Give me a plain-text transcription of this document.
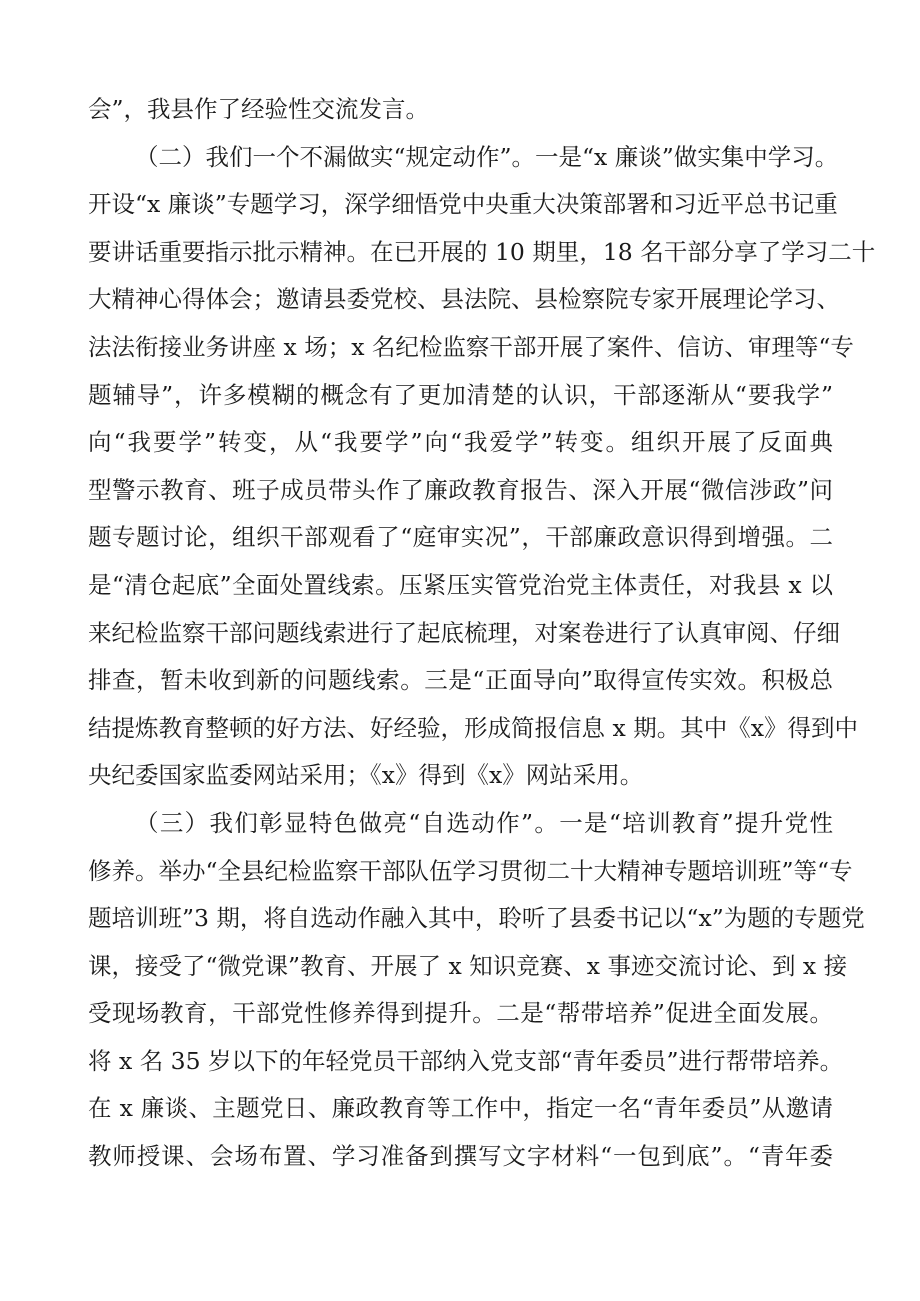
会”，我县作了经验性交流发言。
（二）我们一个不漏做实“规定动作”。一是“x 廉谈”做实集中学习。
开设“x 廉谈”专题学习，深学细悟党中央重大决策部署和习近平总书记重
要讲话重要指示批示精神。在已开展的 10 期里，18 名干部分享了学习二十
大精神心得体会；邀请县委党校、县法院、县检察院专家开展理论学习、
法法衔接业务讲座 x 场；x 名纪检监察干部开展了案件、信访、审理等“专
题辅导”，许多模糊的概念有了更加清楚的认识，干部逐渐从“要我学”
向“我要学”转变，从“我要学”向“我爱学”转变。组织开展了反面典
型警示教育、班子成员带头作了廉政教育报告、深入开展“微信涉政”问
题专题讨论，组织干部观看了“庭审实况”，干部廉政意识得到增强。二
是“清仓起底”全面处置线索。压紧压实管党治党主体责任，对我县 x 以
来纪检监察干部问题线索进行了起底梳理，对案卷进行了认真审阅、仔细
排查，暂未收到新的问题线索。三是“正面导向”取得宣传实效。积极总
结提炼教育整顿的好方法、好经验，形成简报信息 x 期。其中《x》得到中
央纪委国家监委网站采用；《x》得到《x》网站采用。
（三）我们彰显特色做亮“自选动作”。一是“培训教育”提升党性
修养。举办“全县纪检监察干部队伍学习贯彻二十大精神专题培训班”等“专
题培训班”3 期，将自选动作融入其中，聆听了县委书记以“x”为题的专题党
课，接受了“微党课”教育、开展了 x 知识竞赛、x 事迹交流讨论、到 x 接
受现场教育，干部党性修养得到提升。二是“帮带培养”促进全面发展。
将 x 名 35 岁以下的年轻党员干部纳入党支部“青年委员”进行帮带培养。
在 x 廉谈、主题党日、廉政教育等工作中，指定一名“青年委员”从邀请
教师授课、会场布置、学习准备到撰写文字材料“一包到底”。“青年委
